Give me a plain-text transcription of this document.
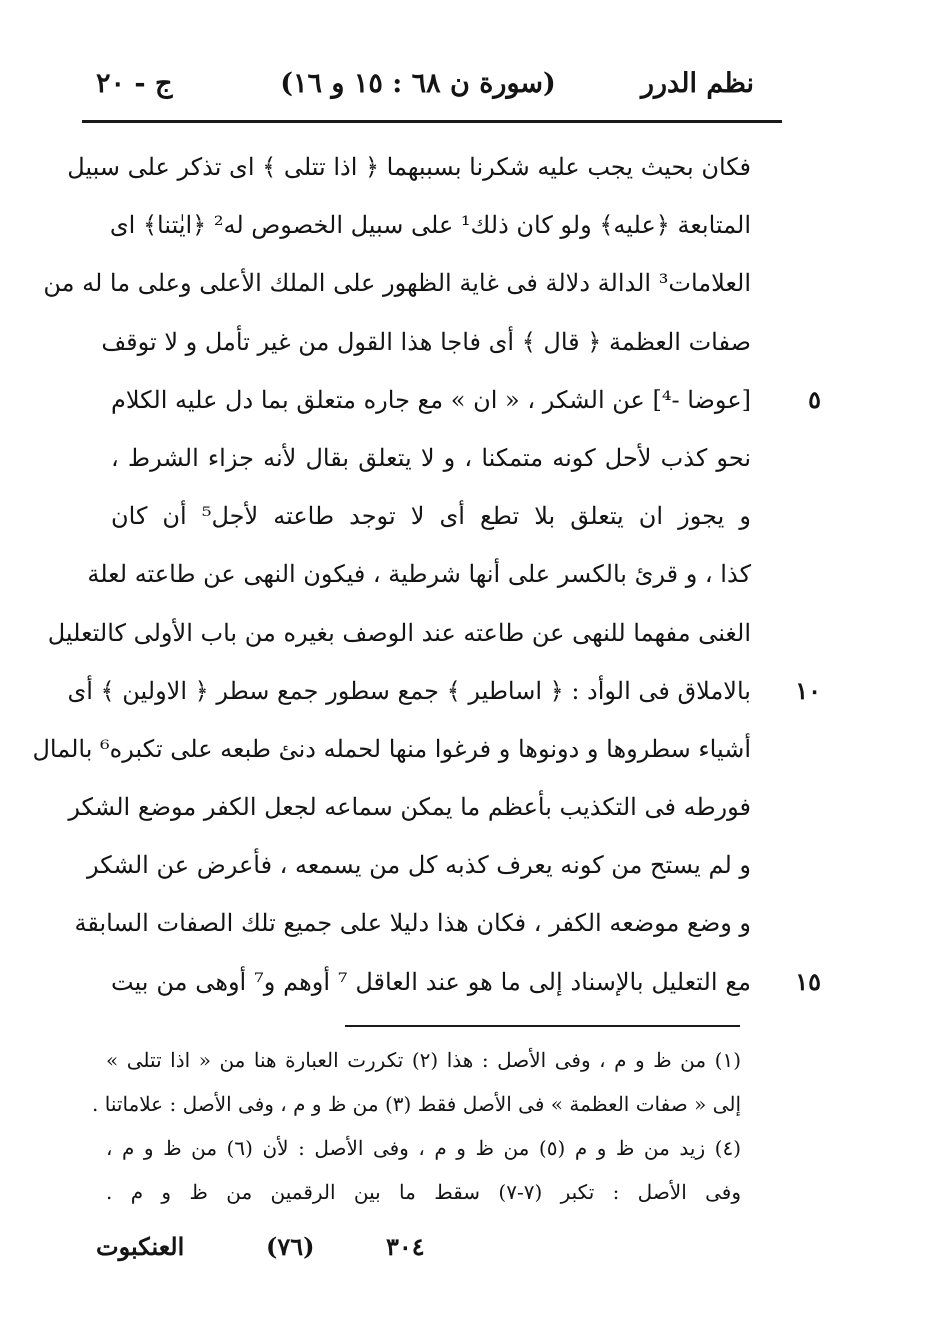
نظم الدرر
(سورة ن ٦٨ : ١٥ و ١٦)
ج - ٢٠
فكان بحيث يجب عليه شكرنا بسببهما ﴿ اذا تتلى ﴾ اى تذكر على سبيل
المتابعة ﴿عليه﴾ ولو كان ذلك¹ على سبيل الخصوص له² ﴿ايٰتنا﴾ اى
العلامات³ الدالة دلالة فى غاية الظهور على الملك الأعلى وعلى ما له من
صفات العظمة ﴿ قال ﴾ أى فاجا هذا القول من غير تأمل و لا توقف
[عوضا -⁴] عن الشكر ، « ان » مع جاره متعلق بما دل عليه الكلام	٥
نحو كذب لأحل كونه متمكنا ، و لا يتعلق بقال لأنه جزاء الشرط ،
و يجوز ان يتعلق بلا تطع أى لا توجد طاعته لأجل⁵ أن كان
كذا ، و قرئ بالكسر على أنها شرطية ، فيكون النهى عن طاعته لعلة
الغنى مفهما للنهى عن طاعته عند الوصف بغيره من باب الأولى كالتعليل
بالاملاق فى الوأد : ﴿ اساطير ﴾ جمع سطور جمع سطر ﴿ الاولين ﴾ أى	١٠
أشياء سطروها و دونوها و فرغوا منها لحمله دنئ طبعه على تكبره⁶ بالمال
فورطه فى التكذيب بأعظم ما يمكن سماعه لجعل الكفر موضع الشكر
و لم يستح من كونه يعرف كذبه كل من يسمعه ، فأعرض عن الشكر
و وضع موضعه الكفر ، فكان هذا دليلا على جميع تلك الصفات السابقة
مع التعليل بالإسناد إلى ما هو عند العاقل ⁷ أوهم و⁷ أوهى من بيت	١٥
(١) من ظ و م ، وفى الأصل : هذا (٢) تكررت العبارة هنا من « اذا تتلى »
إلى « صفات العظمة » فى الأصل فقط (٣) من ظ و م ، وفى الأصل : علاماتنا .
(٤) زيد من ظ و م (٥) من ظ و م ، وفى الأصل : لأن (٦) من ظ و م ،
وفى الأصل : تكبر (٧-٧) سقط ما بين الرقمين من ظ و م .
٣٠٤
(٧٦)
العنكبوت
